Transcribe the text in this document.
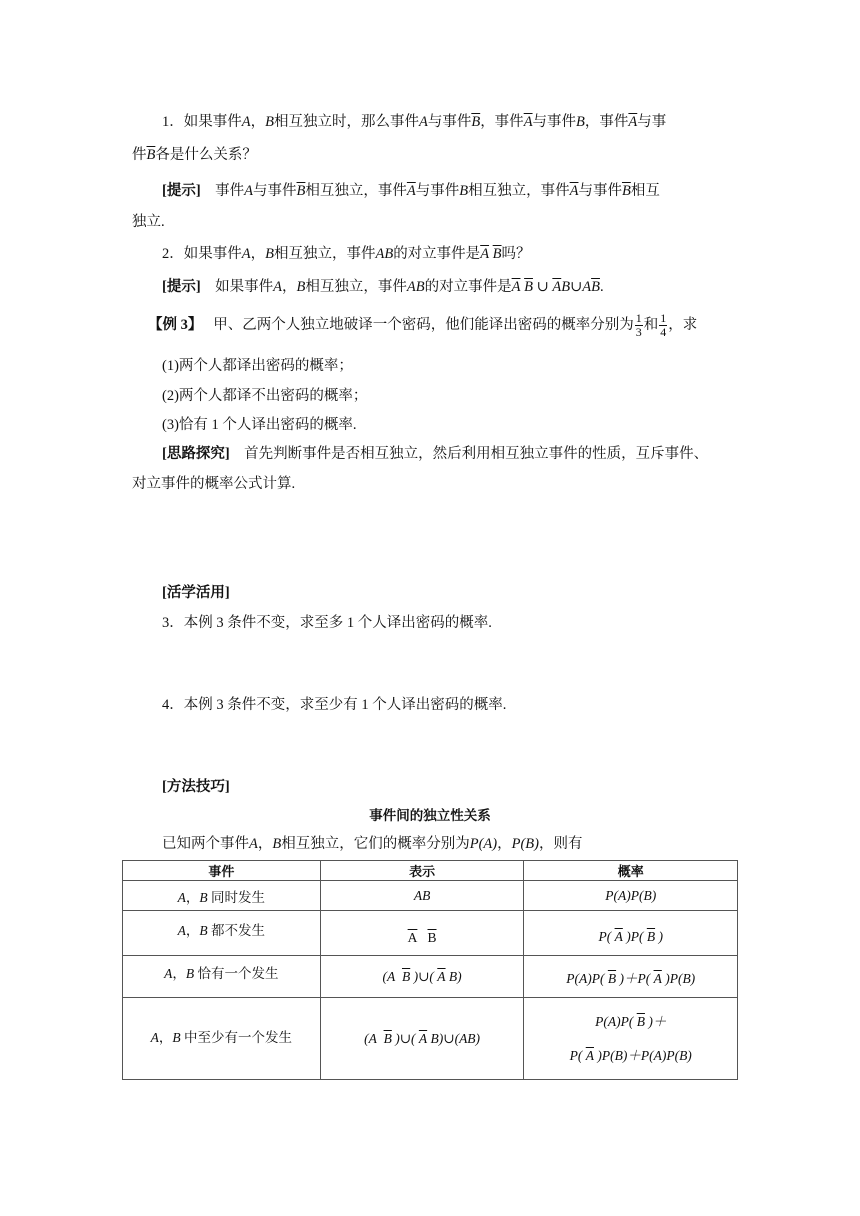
1．如果事件A，B相互独立时，那么事件A与事件$\overline{B}$，事件$\overline{A}$与事件B，事件$\overline{A}$与事
件$\overline{B}$各是什么关系？
[提示] 事件A与事件$\overline{B}$相互独立，事件$\overline{A}$与事件B相互独立，事件$\overline{A}$与事件$\overline{B}$相互
独立.
2．如果事件A，B相互独立，事件AB的对立事件是$\overline{A}$ $\overline{B}$吗？
[提示] 如果事件A，B相互独立，事件AB的对立事件是$\overline{A}$ $\overline{B}$ ∪ $\overline{A}B\cup A\overline{B}$.
【例 3】 甲、乙两个人独立地破译一个密码，他们能译出密码的概率分别为 $\frac{1}{3}$ 和 $\frac{1}{4}$ ，求
(1)两个人都译出密码的概率；
(2)两个人都译不出密码的概率；
(3)恰有 1 个人译出密码的概率.
[思路探究] 首先判断事件是否相互独立，然后利用相互独立事件的性质，互斥事件、
对立事件的概率公式计算.
[活学活用]
3．本例 3 条件不变，求至多 1 个人译出密码的概率.
4．本例 3 条件不变，求至少有 1 个人译出密码的概率.
[方法技巧]
事件间的独立性关系
已知两个事件A，B相互独立，它们的概率分别为P(A)，P(B)，则有
事件	表示	概率
A，B 同时发生	AB	P(A)P(B)
A，B 都不发生	$\overline{A}$ $\overline{B}$	P( $\overline{A}$ )P( $\overline{B}$ )
A，B 恰有一个发生	(A $\overline{B}$ )∪( $\overline{A}$ B)	P(A)P( $\overline{B}$ )＋P( $\overline{A}$ )P(B)
A，B 中至少有一个发生	(A $\overline{B}$ )∪( $\overline{A}$ B)∪(AB)	P(A)P( $\overline{B}$ )＋
P( $\overline{A}$ )P(B)＋P(A)P(B)
